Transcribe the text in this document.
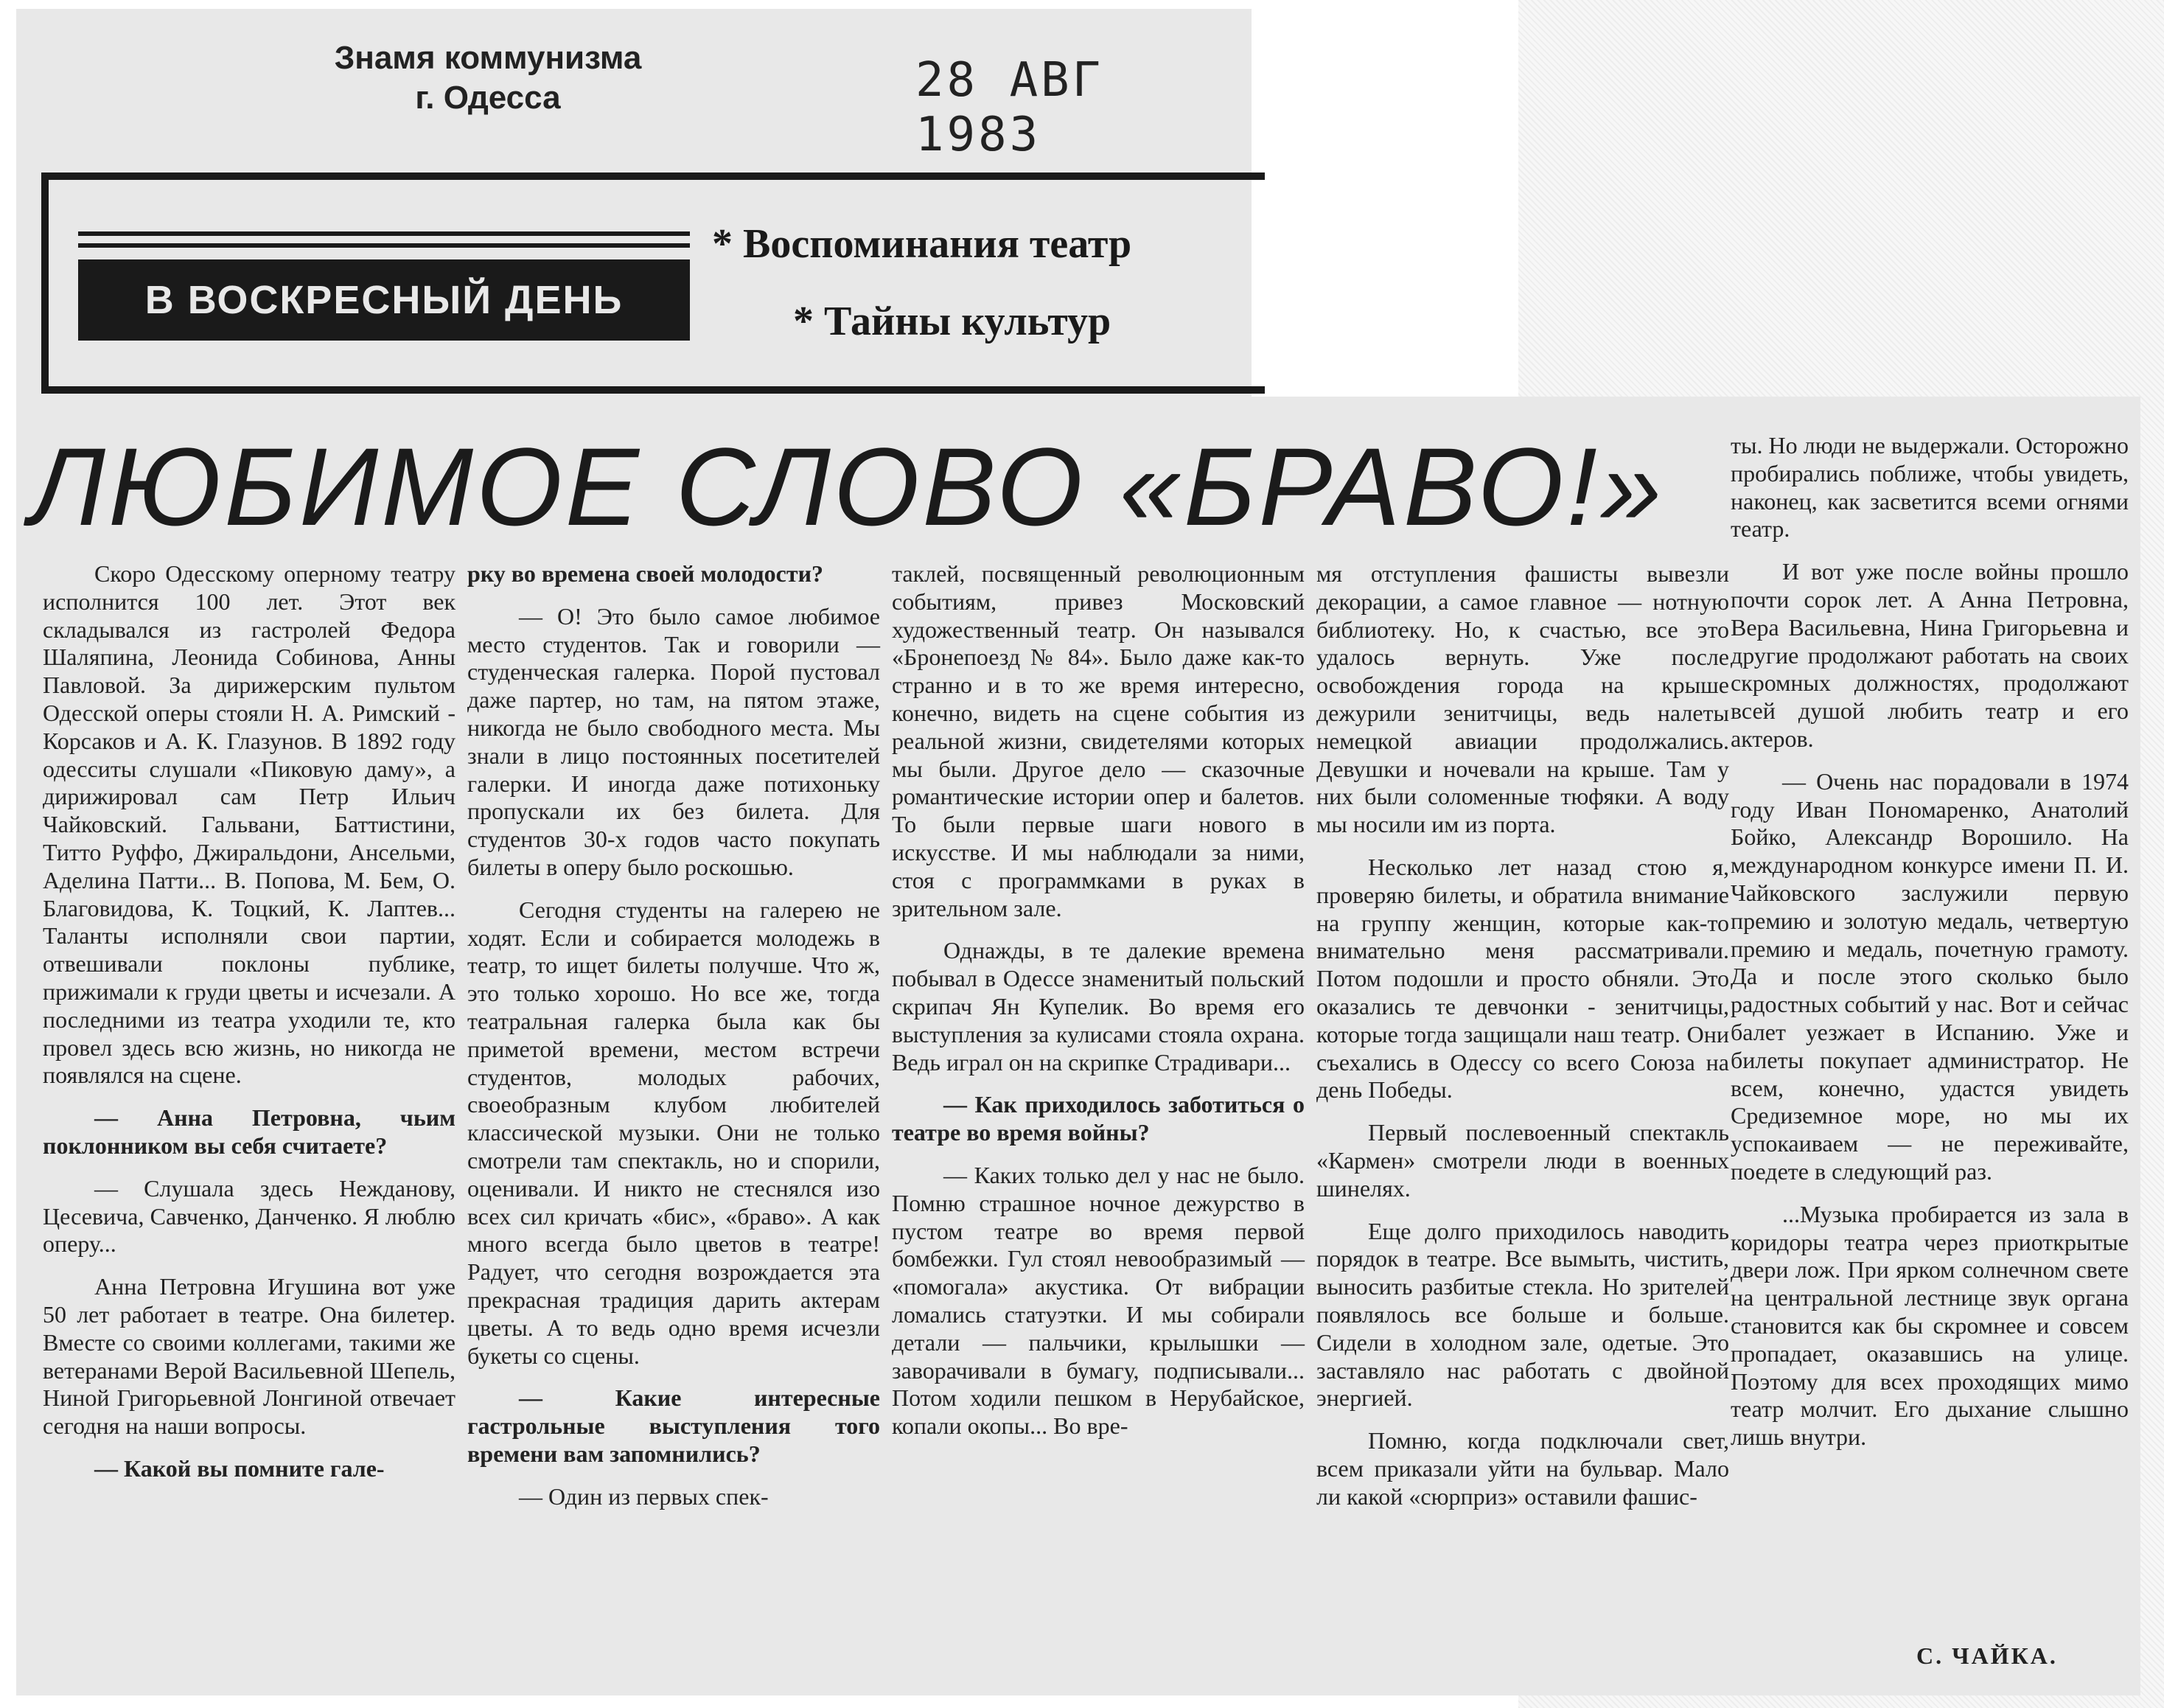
Знамя коммунизма
г. Одесса	28 АВГ 1983
В ВОСКРЕСНЫЙ ДЕНЬ
* Воспоминания театр
* Тайны культур
ЛЮБИМОЕ СЛОВО «БРАВО!»

Скоро Одесскому оперному театру исполнится 100 лет. Этот век складывался из гастролей Федора Шаляпина, Леонида Собинова, Анны Павловой. За дирижерским пультом Одесской оперы стояли Н. А. Римский - Корсаков и А. К. Глазунов. В 1892 году одесситы слушали «Пиковую даму», а дирижировал сам Петр Ильич Чайковский. Гальвани, Баттистини, Титто Руффо, Джиральдони, Ансельми, Аделина Патти... В. Попова, М. Бем, О. Благовидова, К. Тоцкий, К. Лаптев... Таланты исполняли свои партии, отвешивали поклоны публике, прижимали к груди цветы и исчезали. А последними из театра уходили те, кто провел здесь всю жизнь, но никогда не появлялся на сцене.

— Анна Петровна, чьим поклонником вы себя считаете?

— Слушала здесь Нежданову, Цесевича, Савченко, Данченко. Я люблю оперу...

Анна Петровна Игушина вот уже 50 лет работает в театре. Она билетер. Вместе со своими коллегами, такими же ветеранами Верой Васильевной Шепель, Ниной Григорьевной Лонгиной отвечает сегодня на наши вопросы.

— Какой вы помните гале-

рку во времена своей молодости?

— О! Это было самое любимое место студентов. Так и говорили — студенческая галерка. Порой пустовал даже партер, но там, на пятом этаже, никогда не было свободного места. Мы знали в лицо постоянных посетителей галерки. И иногда даже потихоньку пропускали их без билета. Для студентов 30-х годов часто покупать билеты в оперу было роскошью.

Сегодня студенты на галерею не ходят. Если и собирается молодежь в театр, то ищет билеты получше. Что ж, это только хорошо. Но все же, тогда театральная галерка была как бы приметой времени, местом встречи студентов, молодых рабочих, своеобразным клубом любителей классической музыки. Они не только смотрели там спектакль, но и спорили, оценивали. И никто не стеснялся изо всех сил кричать «бис», «браво». А как много всегда было цветов в театре! Радует, что сегодня возрождается эта прекрасная традиция дарить актерам цветы. А то ведь одно время исчезли букеты со сцены.

— Какие интересные гастрольные выступления того времени вам запомнились?

— Один из первых спек-

таклей, посвященный революционным событиям, привез Московский художественный театр. Он назывался «Бронепоезд № 84». Было даже как-то странно и в то же время интересно, конечно, видеть на сцене события из реальной жизни, свидетелями которых мы были. Другое дело — сказочные романтические истории опер и балетов. То были первые шаги нового в искусстве. И мы наблюдали за ними, стоя с программками в руках в зрительном зале.

Однажды, в те далекие времена побывал в Одессе знаменитый польский скрипач Ян Купелик. Во время его выступления за кулисами стояла охрана. Ведь играл он на скрипке Страдивари...

— Как приходилось заботиться о театре во время войны?

— Каких только дел у нас не было. Помню страшное ночное дежурство в пустом театре во время первой бомбежки. Гул стоял невообразимый — «помогала» акустика. От вибрации ломались статуэтки. И мы собирали детали — пальчики, крылышки — заворачивали в бумагу, подписывали... Потом ходили пешком в Нерубайское, копали окопы... Во вре-

мя отступления фашисты вывезли декорации, а самое главное — нотную библиотеку. Но, к счастью, все это удалось вернуть. Уже после освобождения города на крыше дежурили зенитчицы, ведь налеты немецкой авиации продолжались. Девушки и ночевали на крыше. Там у них были соломенные тюфяки. А воду мы носили им из порта.

Несколько лет назад стою я, проверяю билеты, и обратила внимание на группу женщин, которые как-то внимательно меня рассматривали. Потом подошли и просто обняли. Это оказались те девчонки - зенитчицы, которые тогда защищали наш театр. Они съехались в Одессу со всего Союза на день Победы.

Первый послевоенный спектакль «Кармен» смотрели люди в военных шинелях.

Еще долго приходилось наводить порядок в театре. Все вымыть, чистить, выносить разбитые стекла. Но зрителей появлялось все больше и больше. Сидели в холодном зале, одетые. Это заставляло нас работать с двойной энергией.

Помню, когда подключали свет, всем приказали уйти на бульвар. Мало ли какой «сюрприз» оставили фашис-

ты. Но люди не выдержали. Осторожно пробирались поближе, чтобы увидеть, наконец, как засветится всеми огнями театр.

И вот уже после войны прошло почти сорок лет. А Анна Петровна, Вера Васильевна, Нина Григорьевна и другие продолжают работать на своих скромных должностях, продолжают всей душой любить театр и его актеров.

— Очень нас порадовали в 1974 году Иван Пономаренко, Анатолий Бойко, Александр Ворошило. На международном конкурсе имени П. И. Чайковского заслужили первую премию и золотую медаль, четвертую премию и медаль, почетную грамоту. Да и после этого сколько было радостных событий у нас. Вот и сейчас балет уезжает в Испанию. Уже и билеты покупает администратор. Не всем, конечно, удастся увидеть Средиземное море, но мы их успокаиваем — не переживайте, поедете в следующий раз.

...Музыка пробирается из зала в коридоры театра через приоткрытые двери лож. При ярком солнечном свете на центральной лестнице звук органа становится как бы скромнее и совсем пропадает, оказавшись на улице. Поэтому для всех проходящих мимо театр молчит. Его дыхание слышно лишь внутри.

С. ЧАЙКА.
